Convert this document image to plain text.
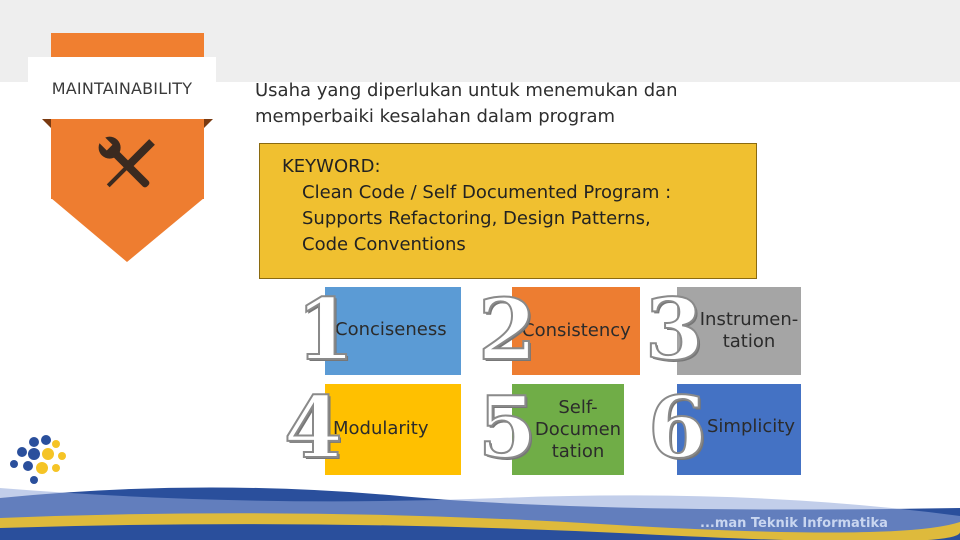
MAINTAINABILITY	Usaha yang diperlukan untuk menemukan dan
memperbaiki kesalahan dalam program
KEYWORD:
Clean Code / Self Documented Program :
Supports Refactoring, Design Patterns,
Code Conventions
Conciseness	Consistency
Instrumen-
tation
Modularity
Self-
Documen
tation
Simplicity
1 2 3
4 5 6
...man Teknik Informatika
